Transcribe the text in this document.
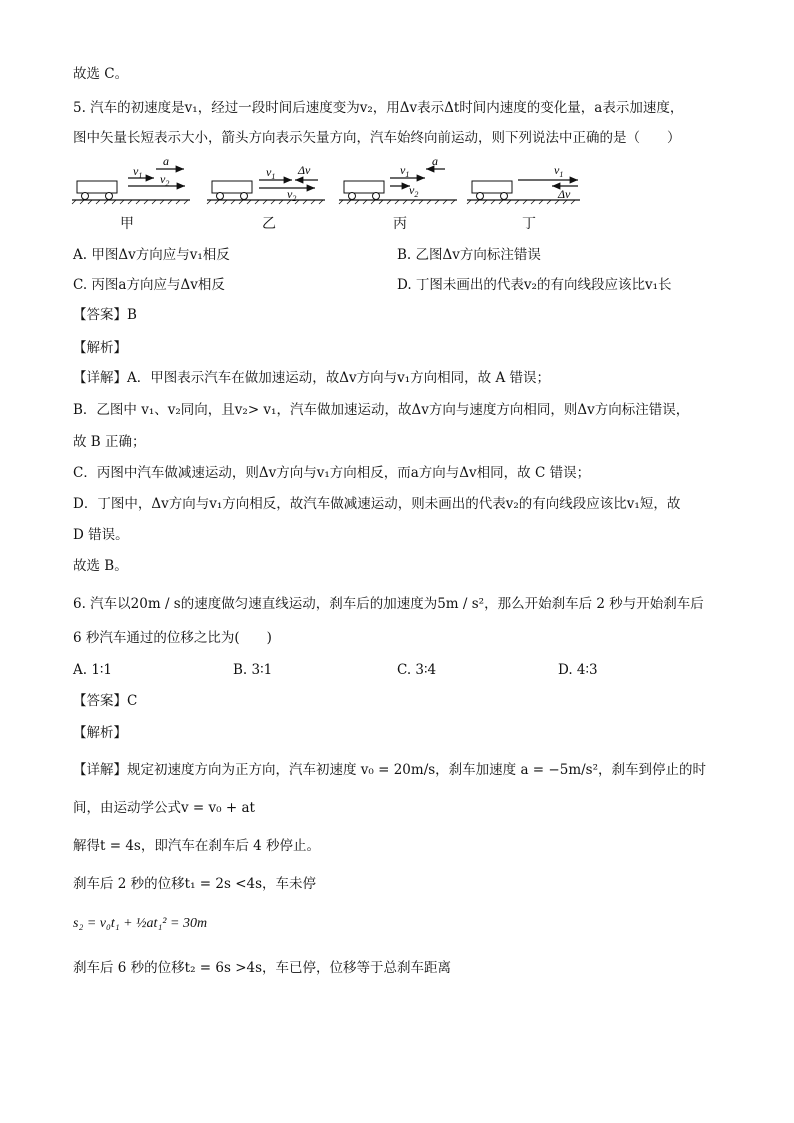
故选 C。
5. 汽车的初速度是v₁，经过一段时间后速度变为v₂，用Δv表示Δt时间内速度的变化量，a表示加速度，
图中矢量长短表示大小，箭头方向表示矢量方向，汽车始终向前运动，则下列说法中正确的是（　　）
$v_1$ $v_2$
a
$v_1$
$v_2$
Δv	$v_1$
$v_2$
a
$v_1$
Δv
甲	乙	丙	丁
A. 甲图Δv方向应与v₁相反	B. 乙图Δv方向标注错误
C. 丙图a方向应与Δv相反	D. 丁图未画出的代表v₂的有向线段应该比v₁长
【答案】B
【解析】
【详解】A．甲图表示汽车在做加速运动，故Δv方向与v₁方向相同，故 A 错误；
B．乙图中 v₁、v₂同向，且v₂> v₁，汽车做加速运动，故Δv方向与速度方向相同，则Δv方向标注错误，
故 B 正确；
C．丙图中汽车做减速运动，则Δv方向与v₁方向相反，而a方向与Δv相同，故 C 错误；
D．丁图中，Δv方向与v₁方向相反，故汽车做减速运动，则未画出的代表v₂的有向线段应该比v₁短，故
D 错误。
故选 B。
6. 汽车以20m / s的速度做匀速直线运动，刹车后的加速度为5m / s²，那么开始刹车后 2 秒与开始刹车后
6 秒汽车通过的位移之比为(　　)
A. 1∶1	B. 3∶1	C. 3∶4	D. 4∶3
【答案】C
【解析】
【详解】规定初速度方向为正方向，汽车初速度 v₀ = 20m/s，刹车加速度 a = −5m/s²，刹车到停止的时
间，由运动学公式v = v₀ + at
解得t = 4s，即汽车在刹车后 4 秒停止。
刹车后 2 秒的位移t₁ = 2s <4s，车未停
s₂ = v₀t₁ + ½at₁² = 30m
刹车后 6 秒的位移t₂ = 6s >4s，车已停，位移等于总刹车距离
